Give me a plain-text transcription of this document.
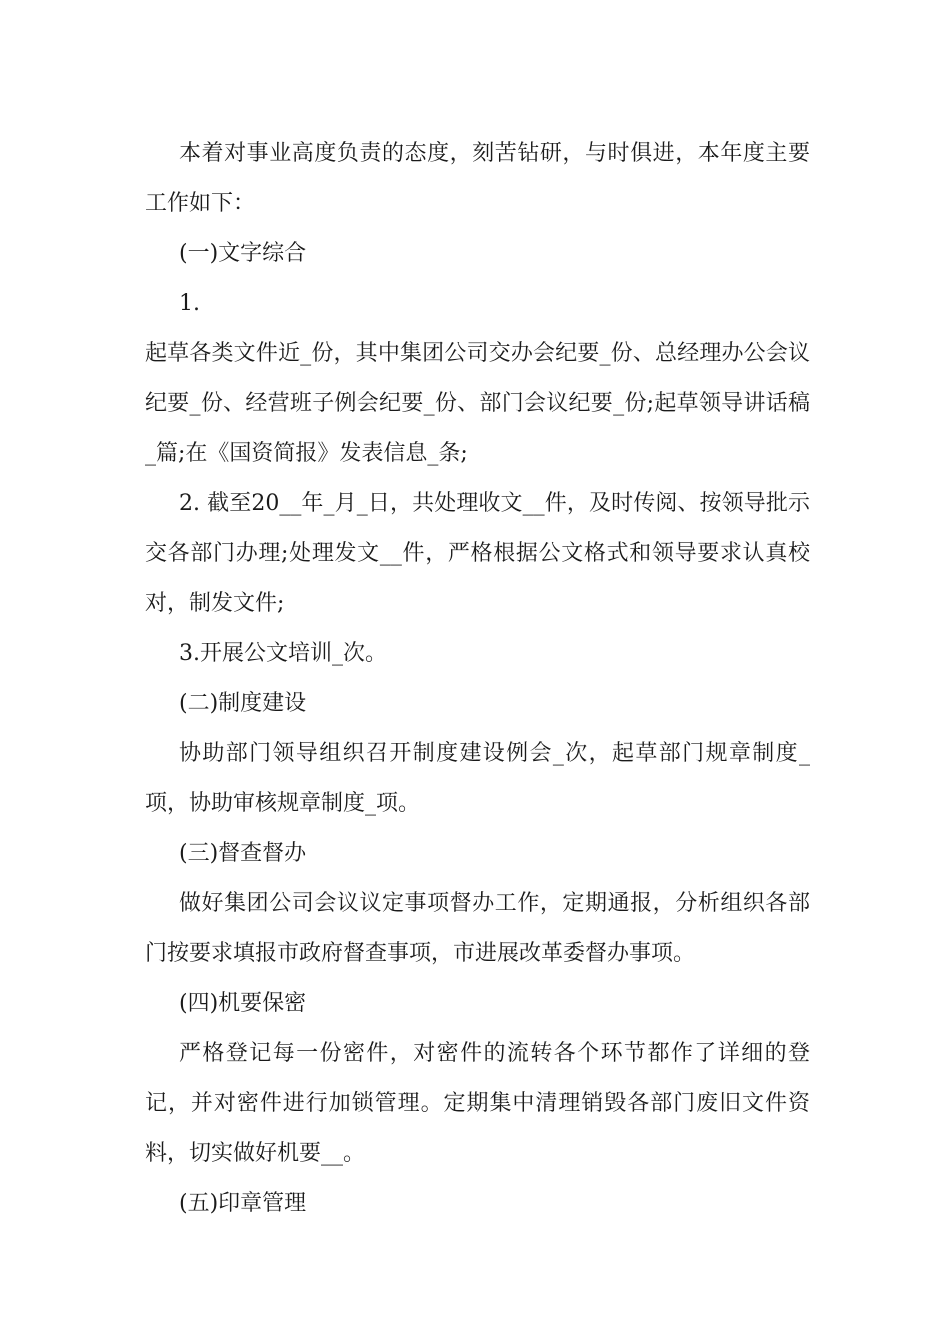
本着对事业高度负责的态度，刻苦钻研，与时俱进，本年度主要工作如下：

(一)文字综合

1.

起草各类文件近_份，其中集团公司交办会纪要_份、总经理办公会议纪要_份、经营班子例会纪要_份、部门会议纪要_份;起草领导讲话稿_篇;在《国资简报》发表信息_条;

2. 截至20__年_月_日，共处理收文__件，及时传阅、按领导批示交各部门办理;处理发文__件，严格根据公文格式和领导要求认真校对，制发文件;

3.开展公文培训_次。

(二)制度建设

协助部门领导组织召开制度建设例会_次，起草部门规章制度_项，协助审核规章制度_项。

(三)督查督办

做好集团公司会议议定事项督办工作，定期通报，分析组织各部门按要求填报市政府督查事项，市进展改革委督办事项。

(四)机要保密

严格登记每一份密件，对密件的流转各个环节都作了详细的登记，并对密件进行加锁管理。定期集中清理销毁各部门废旧文件资料，切实做好机要__。

(五)印章管理
